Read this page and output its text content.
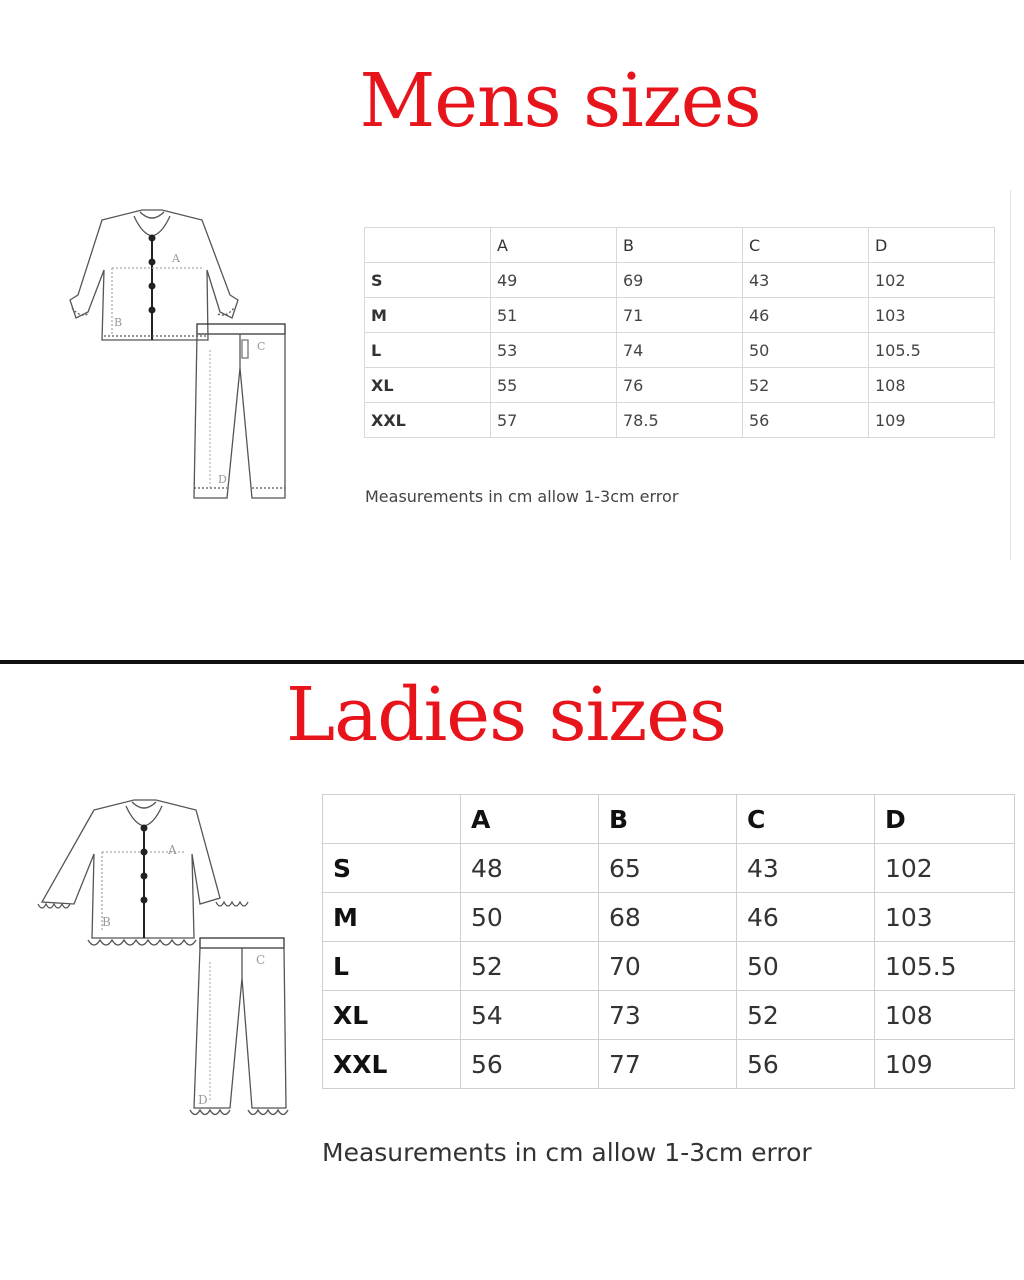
Mens sizes
A
B
C
D
	A	B	C	D
S	49	69	43	102
M	51	71	46	103
L	53	74	50	105.5
XL	55	76	52	108
XXL	57	78.5	56	109

Measurements in cm allow 1-3cm error

Ladies sizes
A
B
C
D
	A	B	C	D
S	48	65	43	102
M	50	68	46	103
L	52	70	50	105.5
XL	54	73	52	108
XXL	56	77	56	109

Measurements in cm allow 1-3cm error
